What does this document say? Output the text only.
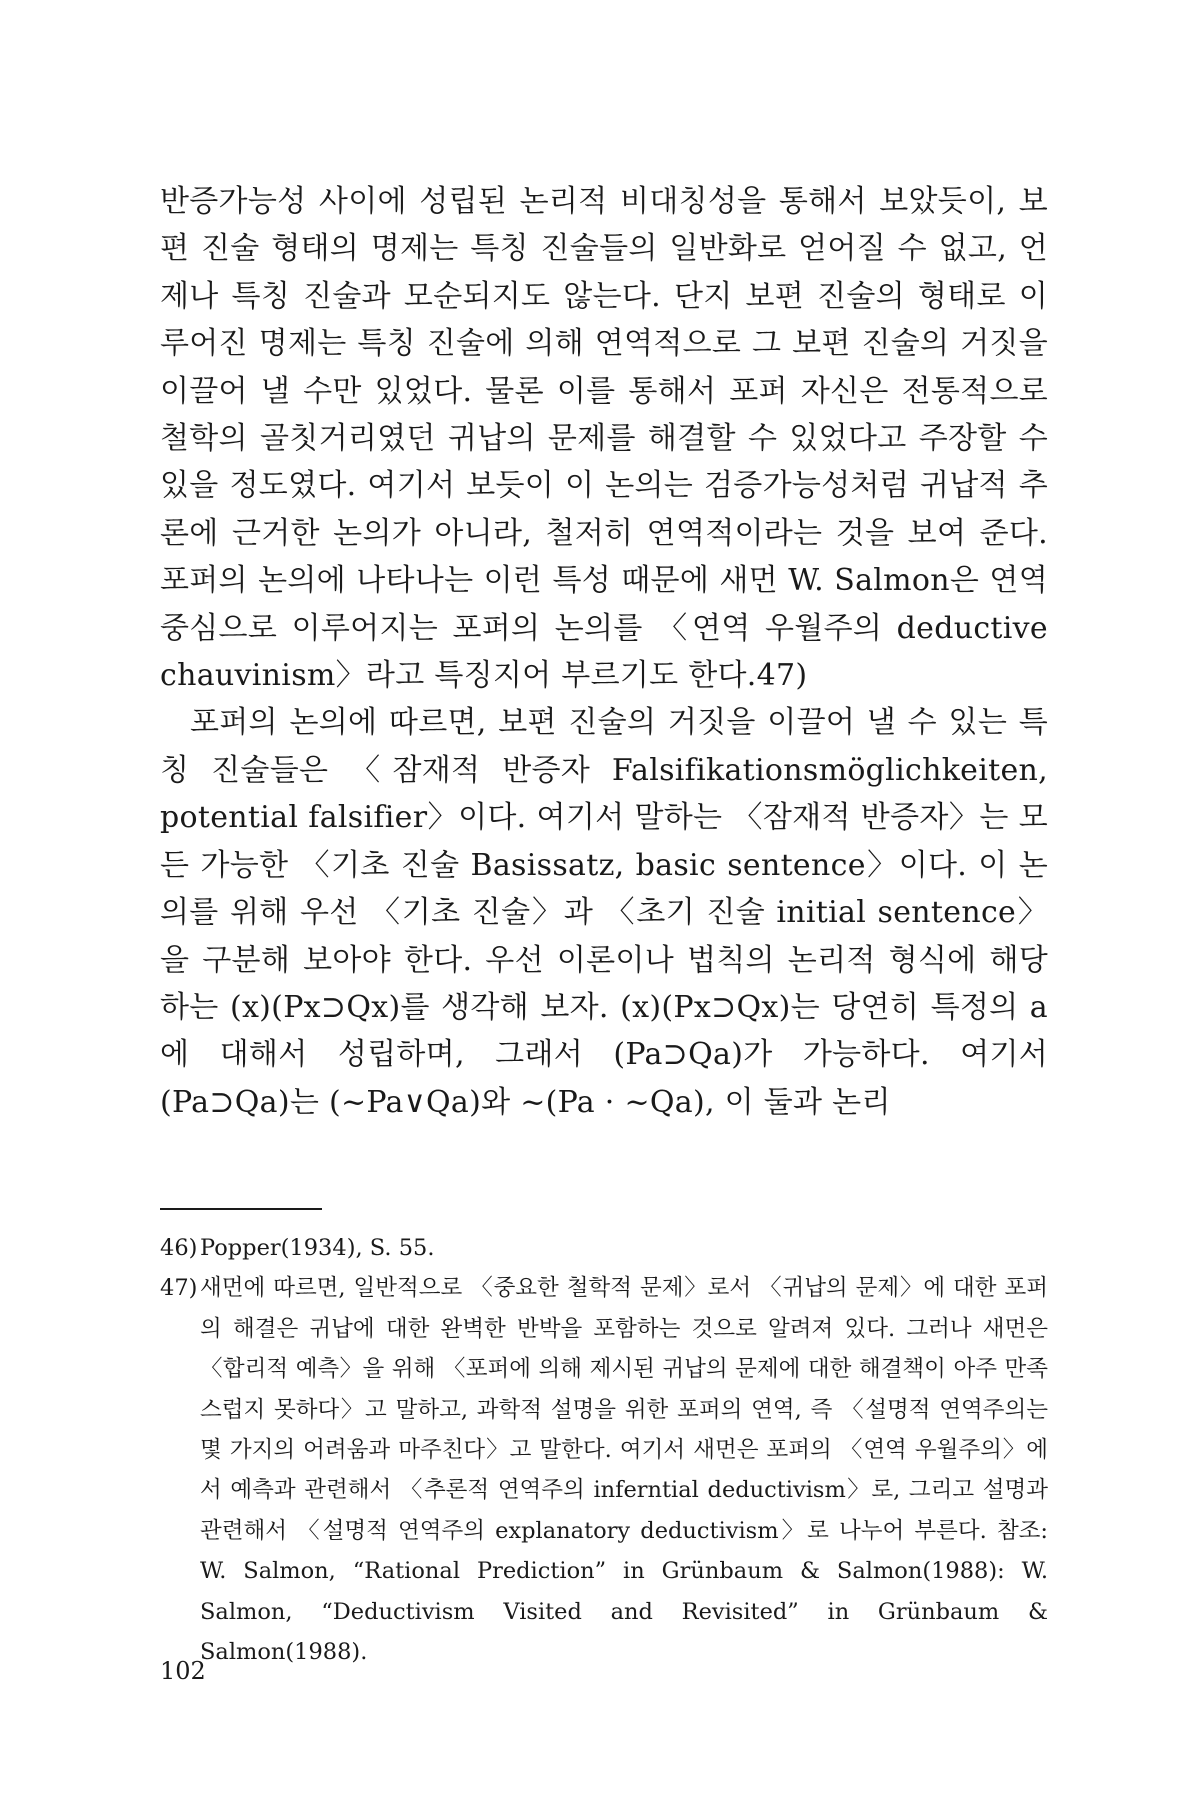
반증가능성 사이에 성립된 논리적 비대칭성을 통해서 보았듯이, 보편 진술 형태의 명제는 특칭 진술들의 일반화로 얻어질 수 없고, 언제나 특칭 진술과 모순되지도 않는다. 단지 보편 진술의 형태로 이루어진 명제는 특칭 진술에 의해 연역적으로 그 보편 진술의 거짓을 이끌어 낼 수만 있었다. 물론 이를 통해서 포퍼 자신은 전통적으로 철학의 골칫거리였던 귀납의 문제를 해결할 수 있었다고 주장할 수 있을 정도였다. 여기서 보듯이 이 논의는 검증가능성처럼 귀납적 추론에 근거한 논의가 아니라, 철저히 연역적이라는 것을 보여 준다. 포퍼의 논의에 나타나는 이런 특성 때문에 새먼 W. Salmon은 연역 중심으로 이루어지는 포퍼의 논의를 〈연역 우월주의 deductive chauvinism〉라고 특징지어 부르기도 한다.47)

포퍼의 논의에 따르면, 보편 진술의 거짓을 이끌어 낼 수 있는 특칭 진술들은 〈잠재적 반증자 Falsifikationsmöglichkeiten, potential falsifier〉이다. 여기서 말하는 〈잠재적 반증자〉는 모든 가능한 〈기초 진술 Basissatz, basic sentence〉이다. 이 논의를 위해 우선 〈기초 진술〉과 〈초기 진술 initial sentence〉을 구분해 보아야 한다. 우선 이론이나 법칙의 논리적 형식에 해당하는 (x)(Px⊃Qx)를 생각해 보자. (x)(Px⊃Qx)는 당연히 특정의 a에 대해서 성립하며, 그래서 (Pa⊃Qa)가 가능하다. 여기서 (Pa⊃Qa)는 (~Pa∨Qa)와 ~(Pa · ~Qa), 이 둘과 논리

46) Popper(1934), S. 55.
47) 새먼에 따르면, 일반적으로 〈중요한 철학적 문제〉로서 〈귀납의 문제〉에 대한 포퍼의 해결은 귀납에 대한 완벽한 반박을 포함하는 것으로 알려져 있다. 그러나 새먼은 〈합리적 예측〉을 위해 〈포퍼에 의해 제시된 귀납의 문제에 대한 해결책이 아주 만족스럽지 못하다〉고 말하고, 과학적 설명을 위한 포퍼의 연역, 즉 〈설명적 연역주의는 몇 가지의 어려움과 마주친다〉고 말한다. 여기서 새먼은 포퍼의 〈연역 우월주의〉에서 예측과 관련해서 〈추론적 연역주의 inferntial deductivism〉로, 그리고 설명과 관련해서 〈설명적 연역주의 explanatory deductivism〉로 나누어 부른다. 참조: W. Salmon, “Rational Prediction” in Grünbaum & Salmon(1988): W. Salmon, “Deductivism Visited and Revisited” in Grünbaum & Salmon(1988).
102
